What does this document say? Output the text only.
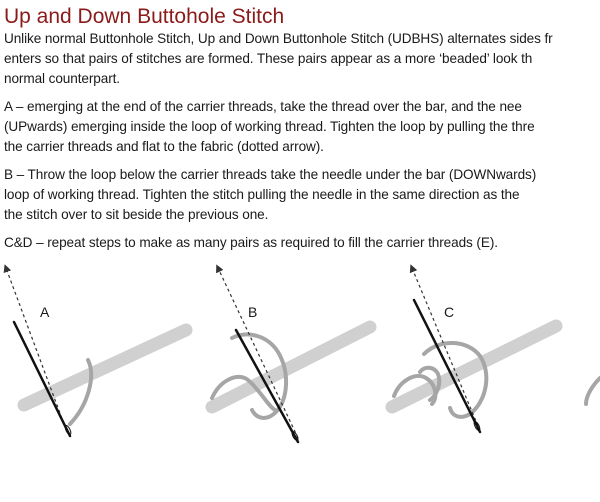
Up and Down Buttohole Stitch

Unlike normal Buttonhole Stitch, Up and Down Buttonhole Stitch (UDBHS) alternates sides fr
enters so that pairs of stitches are formed. These pairs appear as a more ‘beaded’ look th
normal counterpart.

A – emerging at the end of the carrier threads, take the thread over the bar, and the nee
(UPwards) emerging inside the loop of working thread. Tighten the loop by pulling the thre
the carrier threads and flat to the fabric (dotted arrow).

B – Throw the loop below the carrier threads take the needle under the bar (DOWNwards)
loop of working thread. Tighten the stitch pulling the needle in the same direction as the
the stitch over to sit beside the previous one.

C&D – repeat steps to make as many pairs as required to fill the carrier threads (E).

A	B	C
